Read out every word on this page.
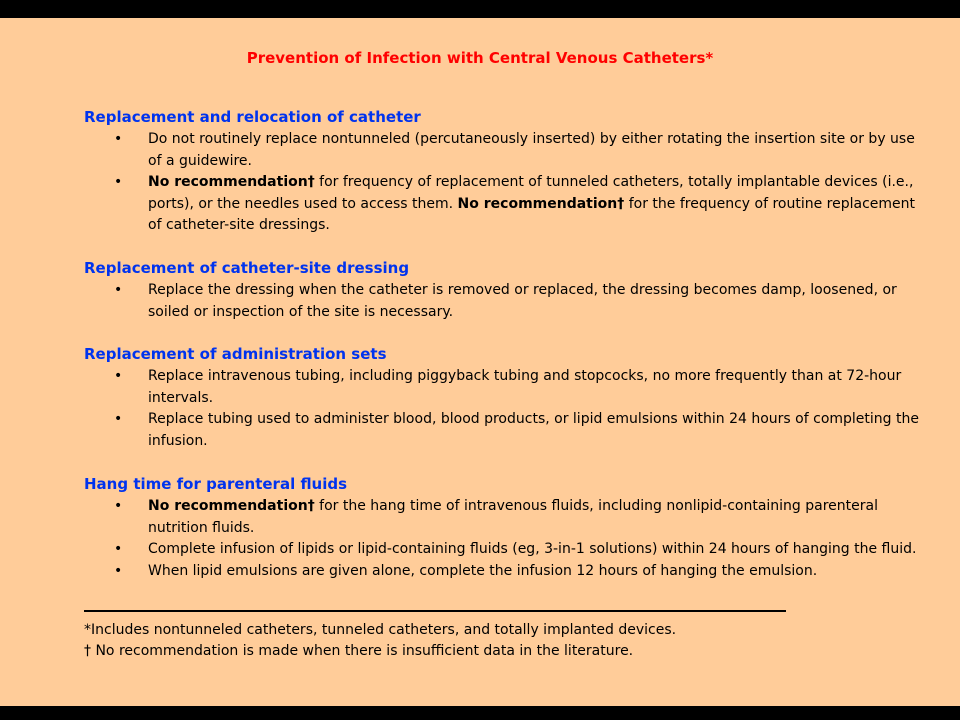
Prevention of Infection with Central Venous Catheters*
Replacement and relocation of catheter
• Do not routinely replace nontunneled (percutaneously inserted) by either rotating the insertion site or by use of a guidewire.
• No recommendation† for frequency of replacement of tunneled catheters, totally implantable devices (i.e., ports), or the needles used to access them. No recommendation† for the frequency of routine replacement of catheter-site dressings.
Replacement of catheter-site dressing
• Replace the dressing when the catheter is removed or replaced, the dressing becomes damp, loosened, or soiled or inspection of the site is necessary.
Replacement of administration sets
• Replace intravenous tubing, including piggyback tubing and stopcocks, no more frequently than at 72-hour intervals.
• Replace tubing used to administer blood, blood products, or lipid emulsions within 24 hours of completing the infusion.
Hang time for parenteral fluids
• No recommendation† for the hang time of intravenous fluids, including nonlipid-containing parenteral nutrition fluids.
• Complete infusion of lipids or lipid-containing fluids (eg, 3-in-1 solutions) within 24 hours of hanging the fluid.
• When lipid emulsions are given alone, complete the infusion 12 hours of hanging the emulsion.
*Includes nontunneled catheters, tunneled catheters, and totally implanted devices.
† No recommendation is made when there is insufficient data in the literature.
